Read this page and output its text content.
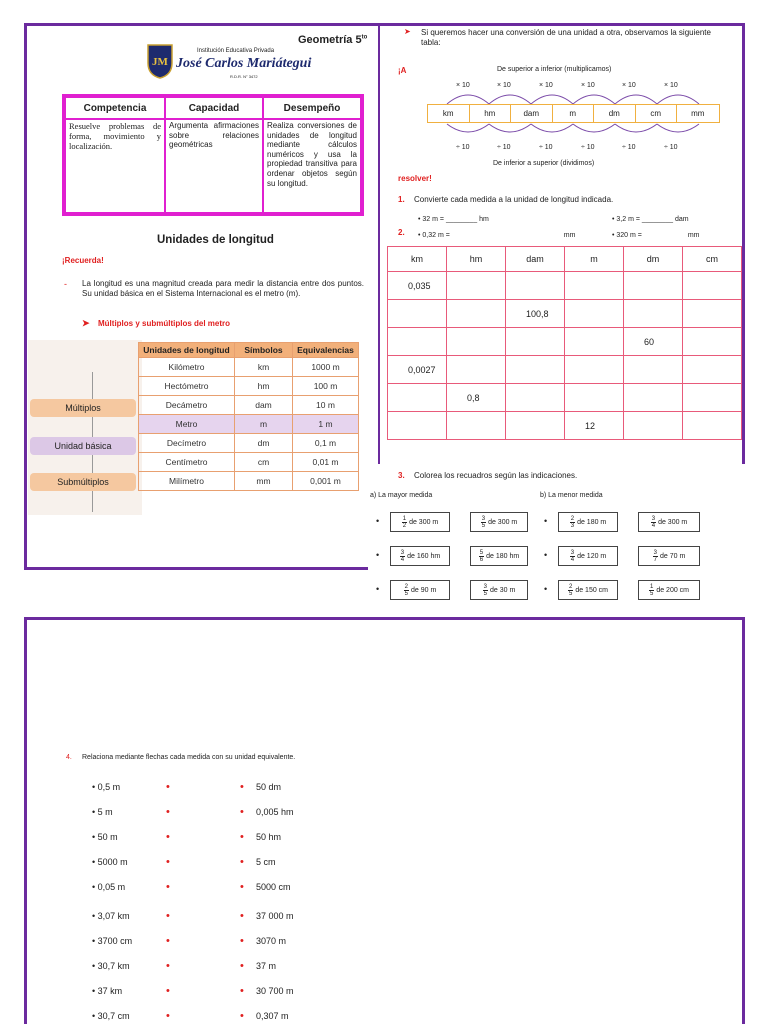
JM
Institución Educativa Privada
José Carlos Mariátegui
R.D.R. N° 3472
Geometría $5^{to}$
Competencia	Capacidad	Desempeño
Resuelve problemas de forma, movimiento y localización.
Argumenta afirmaciones sobre relaciones geométricas
Realiza conversiones de unidades de longitud mediante cálculos numéricos y usa la propiedad transitiva para ordenar objetos según su longitud.
Unidades de longitud
¡Recuerda!
- La longitud es una magnitud creada para medir la distancia entre dos puntos. Su unidad básica en el Sistema Internacional es el metro (m).
➤ Múltiplos y submúltiplos del metro
Múltiplos
Unidad básica
Submúltiplos
Unidades de longitud	Símbolos	Equivalencias
Kilómetro	km	1000 m
Hectómetro	hm	100 m
Decámetro	dam	10 m
Metro	m	1 m
Decímetro	dm	0,1 m
Centímetro	cm	0,01 m
Milímetro	mm	0,001 m
➤ Si queremos hacer una conversión de una unidad a otra, observamos la siguiente tabla:
¡A	De superior a inferior (multiplicamos)
× 10	× 10	× 10	× 10	× 10	× 10
km	hm	dam	m	dm	cm	mm
÷ 10	÷ 10	÷ 10	÷ 10	÷ 10	÷ 10
De inferior a superior (dividimos)
resolver!
1. Convierte cada medida a la unidad de longitud indicada.
• 32 m = ________ hm	• 3,2 m = ________ dam
2. • 0,32 m =	mm	• 320 m =	mm
km	hm	dam	m	dm	cm
0,035					
		100,8			
				60	
0,0027					
	0,8				
			12		
3. Colorea los recuadros según las indicaciones.
a) La mayor medida	b) La menor medida
•	$\frac{1}{2}$ de 300 m	$\frac{3}{5}$ de 300 m	•	$\frac{2}{3}$ de 180 m	$\frac{3}{4}$ de 300 m
•	$\frac{3}{4}$ de 160 hm	$\frac{5}{6}$ de 180 hm	•	$\frac{3}{4}$ de 120 m	$\frac{3}{7}$ de 70 m
•	$\frac{2}{5}$ de 90 m	$\frac{3}{5}$ de 30 m	•	$\frac{2}{5}$ de 150 cm	$\frac{1}{5}$ de 200 cm
4. Relaciona mediante flechas cada medida con su unidad equivalente.
• 0,5 m	•	• 50 dm
• 5 m	•	• 0,005 hm
• 50 m	•	• 50 hm
• 5000 m	•	• 5 cm
• 0,05 m	•	• 5000 cm
• 3,07 km	•	• 37 000 m
• 3700 cm	•	• 3070 m
• 30,7 km	•	• 37 m
• 37 km	•	• 30 700 m
• 30,7 cm	•	• 0,307 m
